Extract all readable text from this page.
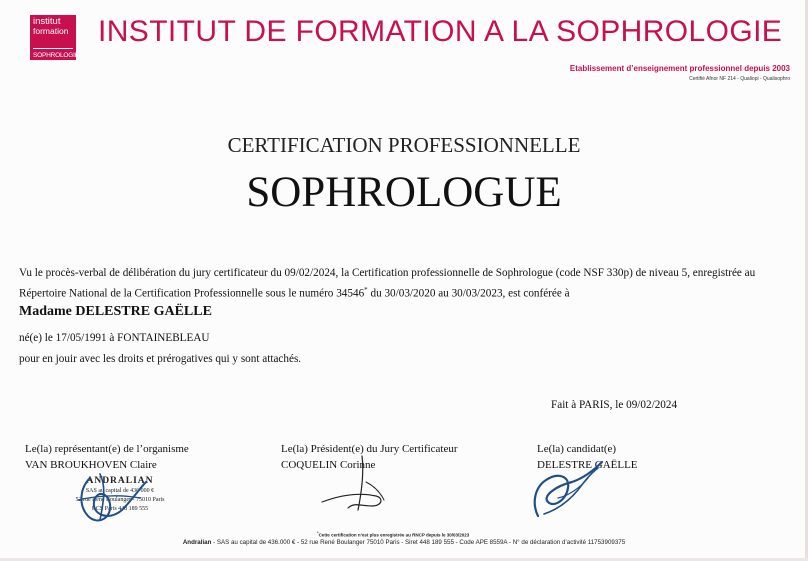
institut
formation
SOPHROLOGIE
INSTITUT DE FORMATION A LA SOPHROLOGIE
Etablissement d’enseignement professionnel depuis 2003
Certifié Afnor NF 214 - Qualiopi - Qualisophro
CERTIFICATION PROFESSIONNELLE
SOPHROLOGUE
Vu le procès-verbal de délibération du jury certificateur du 09/02/2024, la Certification professionnelle de Sophrologue (code NSF 330p) de niveau 5, enregistrée au Répertoire National de la Certification Professionnelle sous le numéro 34546* du 30/03/2020 au 30/03/2023, est conférée à
Madame DELESTRE GAËLLE
né(e) le 17/05/1991 à FONTAINEBLEAU
pour en jouir avec les droits et prérogatives qui y sont attachés.
Fait à PARIS, le 09/02/2024
Le(la) représentant(e) de l’organisme
VAN BROUKHOVEN Claire
Le(la) Président(e) du Jury Certificateur
COQUELIN Corinne
Le(la) candidat(e)
DELESTRE GAËLLE
ANDRALIAN
SAS au capital de 436 000 €
52 rue René Boulanger - 75010 Paris
RCS Paris 448 189 555
*Cette certification n’est plus enregistrée au RNCP depuis le 30/03/2023
Andralian - SAS au capital de 436.000 € - 52 rue René Boulanger 75010 Paris - Siret 448 189 555 - Code APE 8559A - N° de déclaration d’activité 11753909375
